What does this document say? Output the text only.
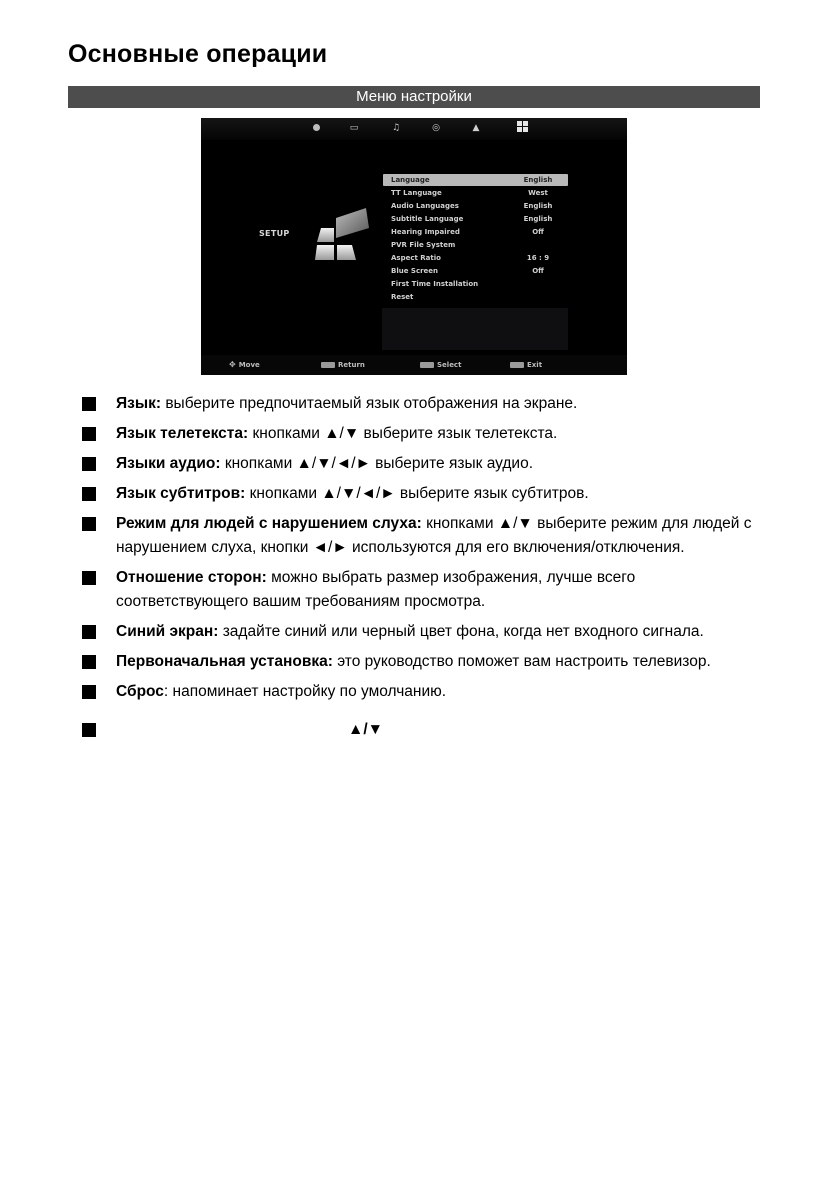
Основные операции
Меню настройки
▭	♫	◎	▲
SETUP
Language	English
TT Language	West
Audio Languages	English
Subtitle Language	English
Hearing Impaired	Off
PVR File System
Aspect Ratio	16 : 9
Blue Screen	Off
First Time Installation
Reset
✥ Move	Return	Select	Exit
Язык: выберите предпочитаемый язык отображения на экране.
Язык телетекста: кнопками ▲/▼ выберите язык телетекста.
Языки аудио: кнопками ▲/▼/◄/► выберите язык аудио.
Язык субтитров: кнопками ▲/▼/◄/► выберите язык субтитров.
Режим для людей с нарушением слуха: кнопками ▲/▼ выберите режим для людей с нарушением слуха, кнопки ◄/► используются для его включения/отключения.
Отношение сторон: можно выбрать размер изображения, лучше всего соответствующего вашим требованиям просмотра.
Синий экран: задайте синий или черный цвет фона, когда нет входного сигнала.
Первоначальная установка: это руководство поможет вам настроить телевизор.
Сброс: напоминает настройку по умолчанию.
▲/▼
